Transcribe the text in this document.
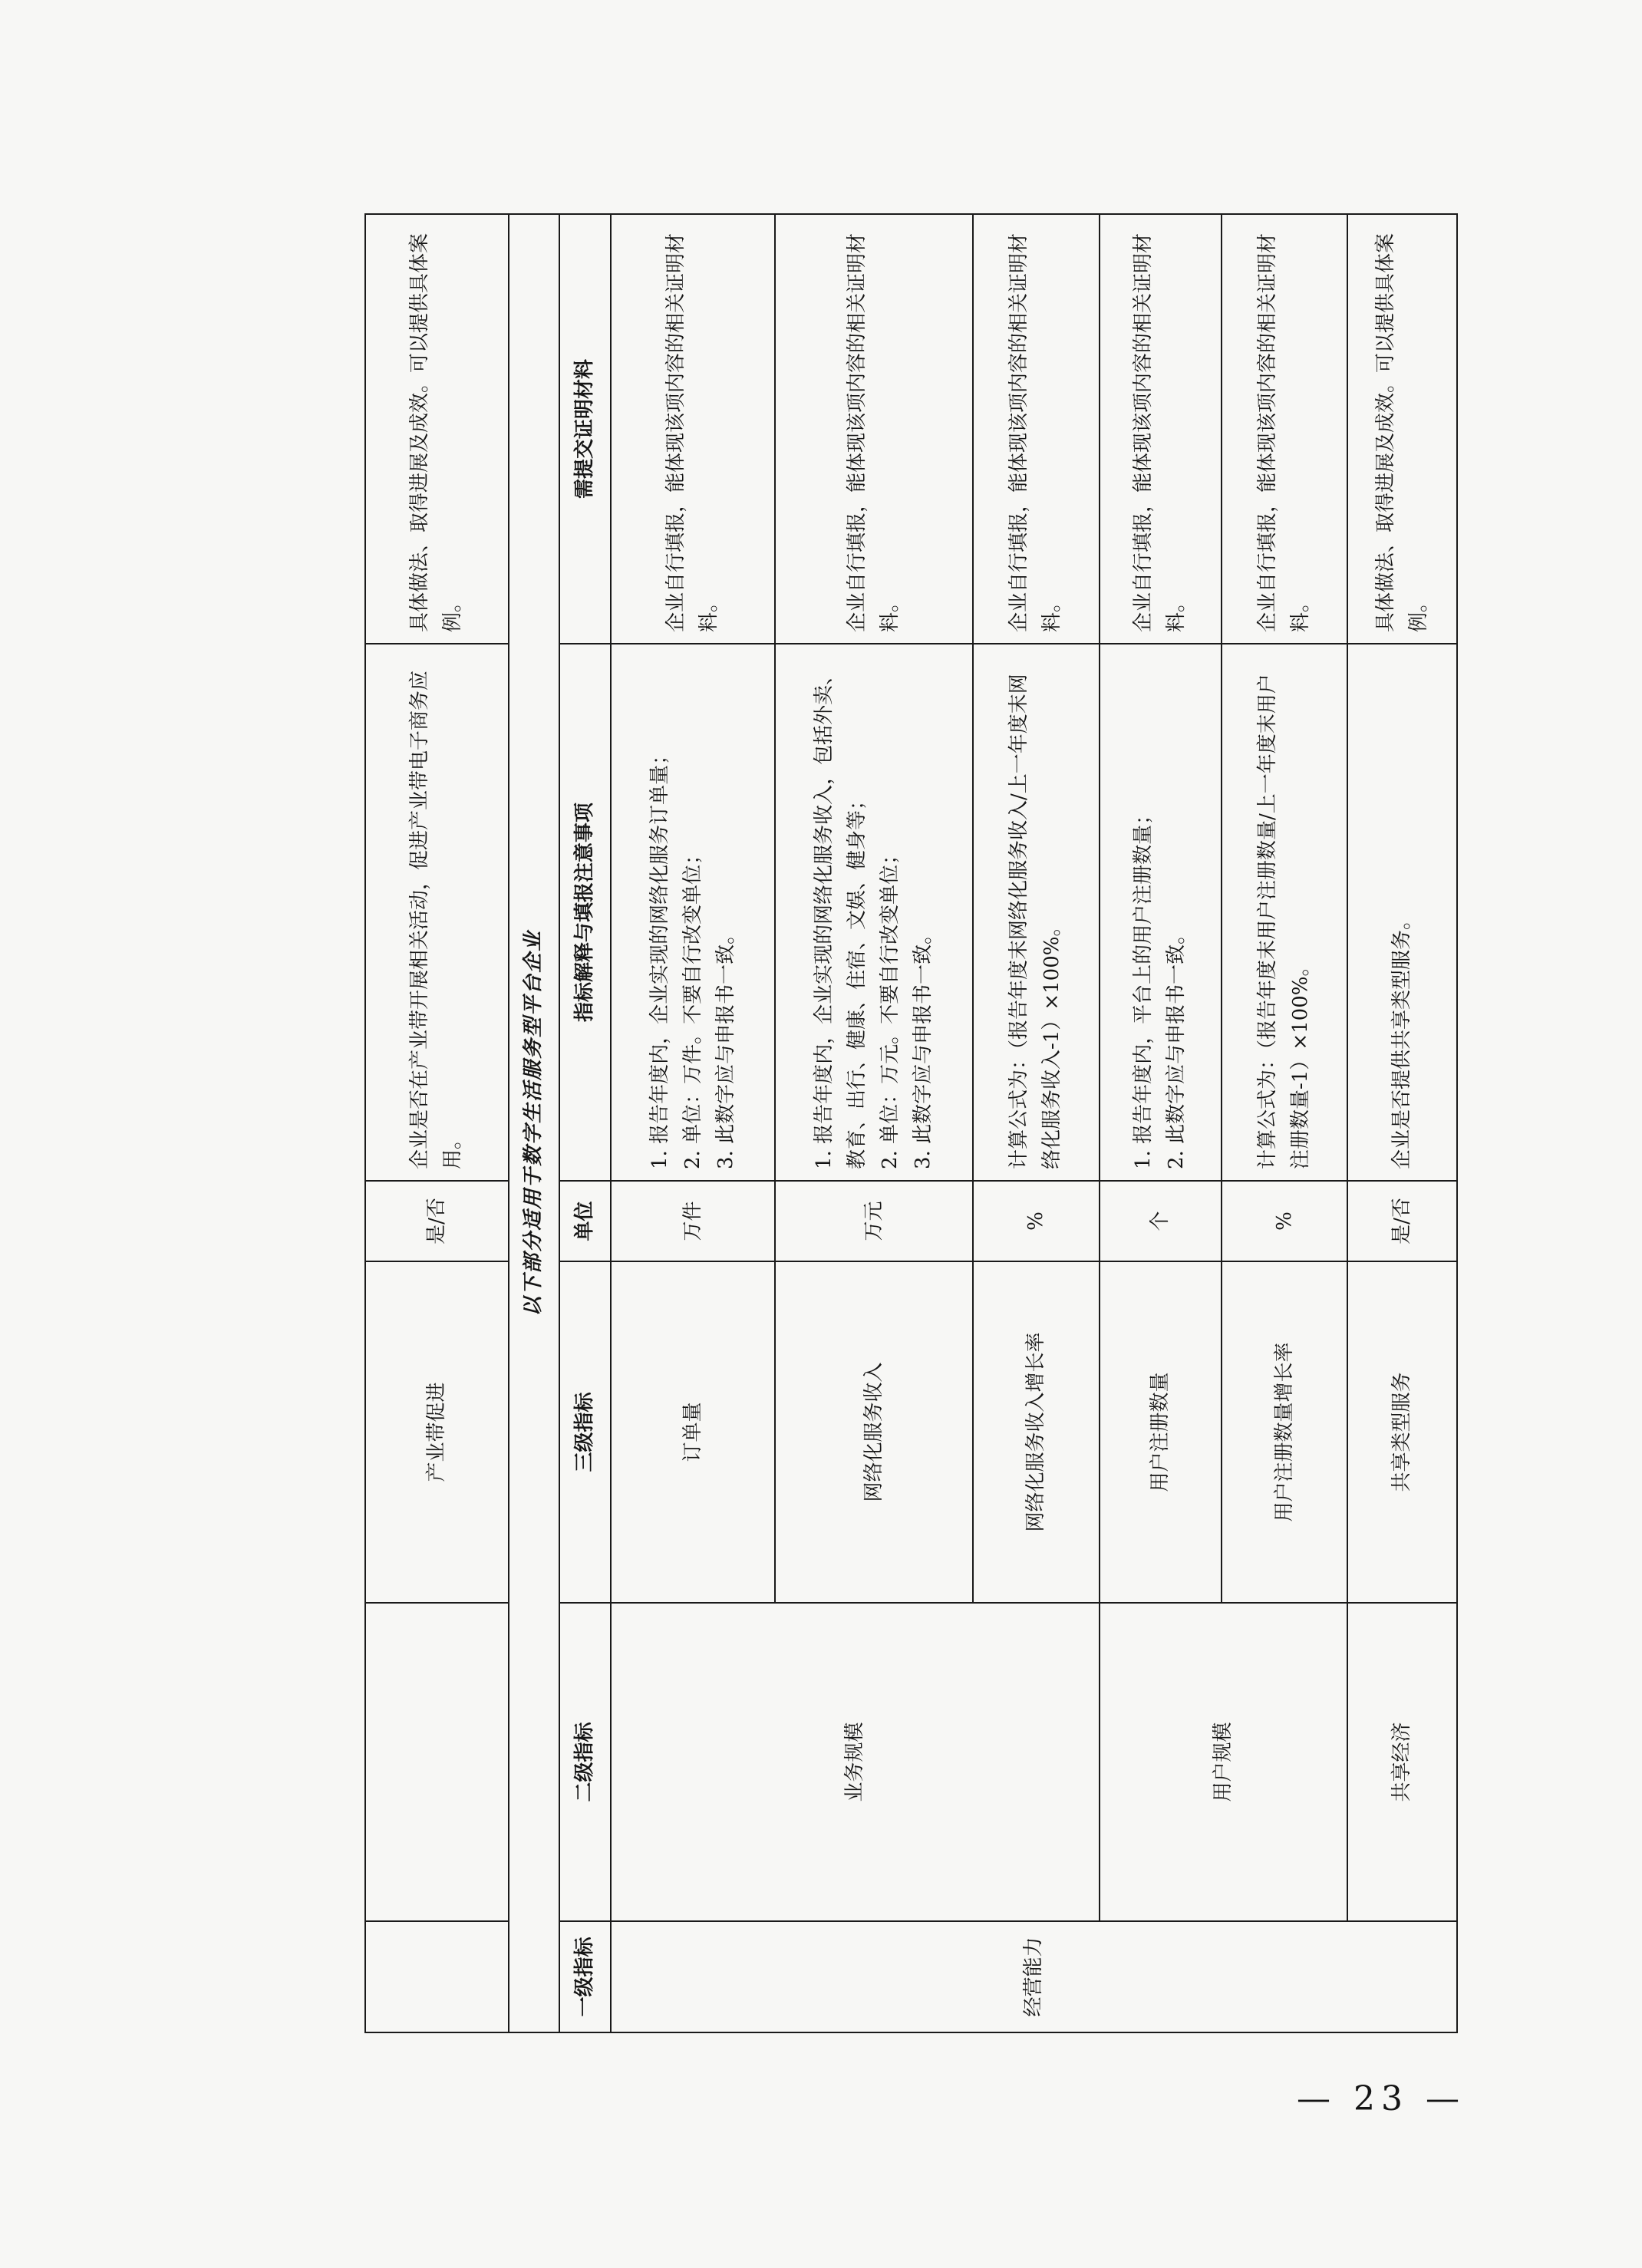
		产业带促进	是/否	企业是否在产业带开展相关活动，促进产业带电子商务应用。	具体做法、取得进展及成效。可以提供具体案例。
以下部分适用于数字生活服务型平台企业					
一级指标	二级指标	三级指标	单位	指标解释与填报注意事项	需提交证明材料
经营能力	业务规模	订单量	万件	1. 报告年度内，企业实现的网络化服务订单量； 2. 单位：万件。不要自行改变单位； 3. 此数字应与申报书一致。	企业自行填报，能体现该项内容的相关证明材料。
		网络化服务收入	万元	1. 报告年度内，企业实现的网络化服务收入，包括外卖、教育、出行、健康、住宿、文娱、健身等； 2. 单位：万元。不要自行改变单位； 3. 此数字应与申报书一致。	企业自行填报，能体现该项内容的相关证明材料。
		网络化服务收入增长率	%	计算公式为：（报告年度末网络化服务收入/上一年度末网络化服务收入-1）×100%。	企业自行填报，能体现该项内容的相关证明材料。
	用户规模	用户注册数量	个	1. 报告年度内，平台上的用户注册数量； 2. 此数字应与申报书一致。	企业自行填报，能体现该项内容的相关证明材料。
		用户注册数量增长率	%	计算公式为：（报告年度末用户注册数量/上一年度末用户注册数量-1）×100%。	企业自行填报，能体现该项内容的相关证明材料。
	共享经济	共享类型服务	是/否	企业是否提供共享类型服务。	具体做法、取得进展及成效。可以提供具体案例。
— 23 —
